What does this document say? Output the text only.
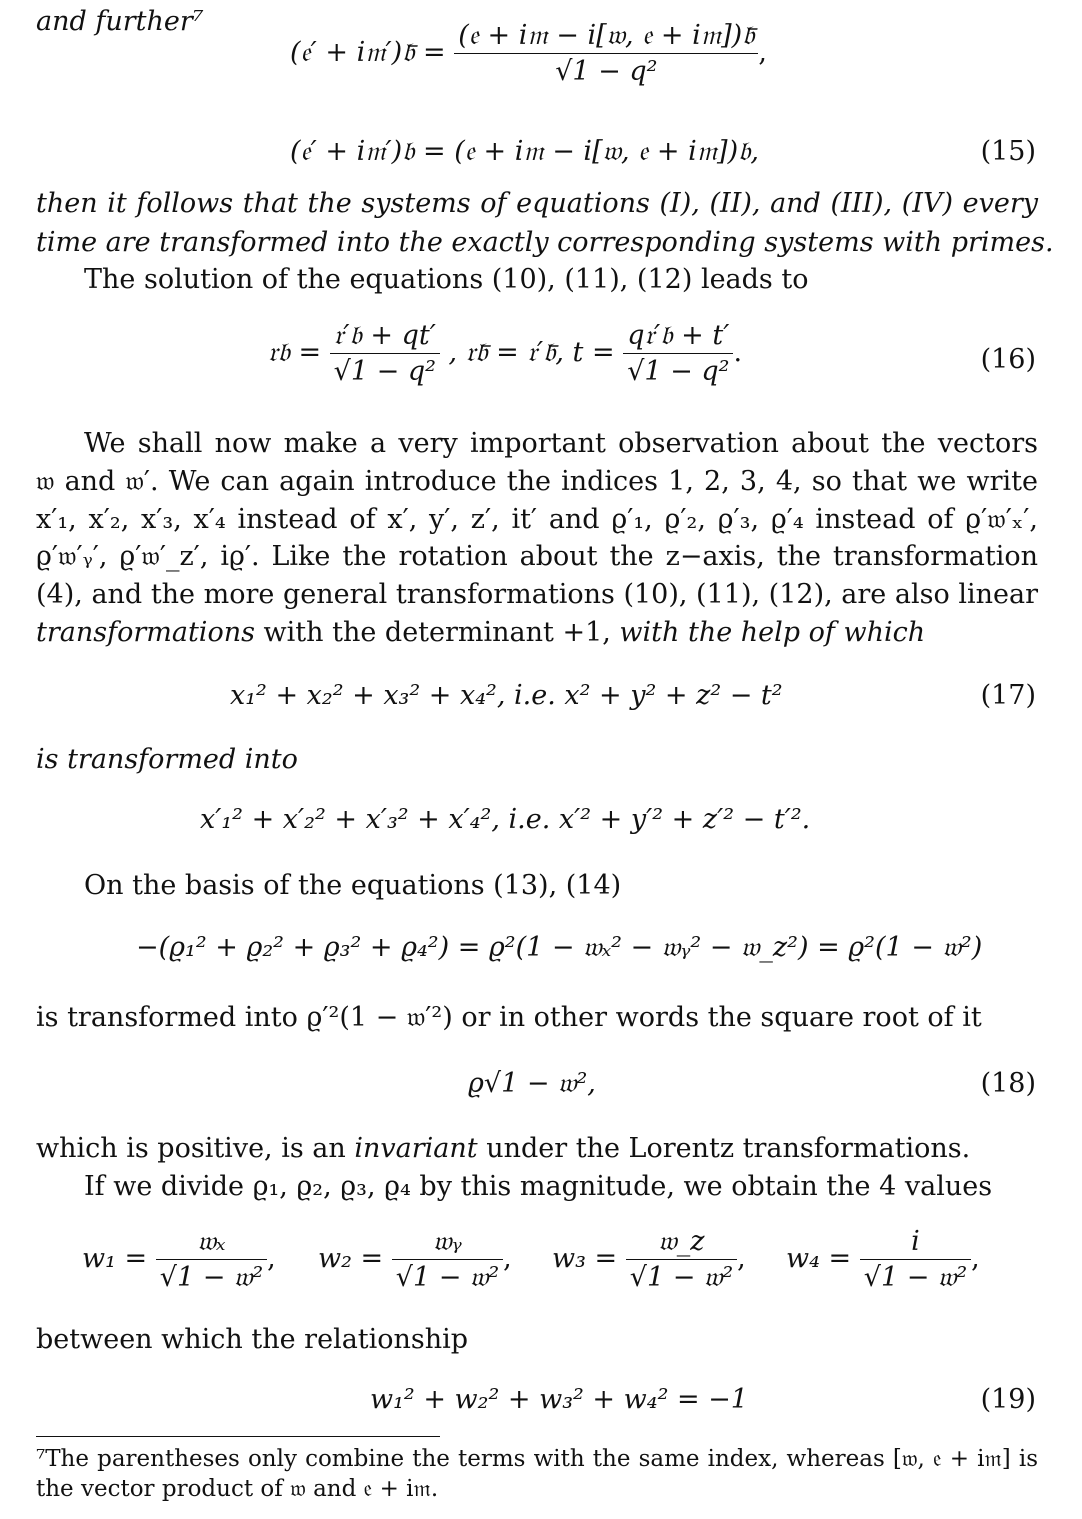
and further⁷
(𝔢′ + i𝔪′)𝔟̄ = $\frac{\text{(𝔢 + i𝔪 − i[𝔴, 𝔢 + i𝔪])𝔟̄}}{\text{√1 − q²}}$ ,
(𝔢′ + i𝔪′)𝔟 = (𝔢 + i𝔪 − i[𝔴, 𝔢 + i𝔪])𝔟,	(15)
then it follows that the systems of equations (I), (II), and (III), (IV) every
time are transformed into the exactly corresponding systems with primes.
The solution of the equations (10), (11), (12) leads to
𝔯𝔟 = $\frac{\text{𝔯′𝔟 + qt′}}{\text{√1 − q²}}$ , 𝔯𝔟̄ = 𝔯′𝔟̄, $t = \frac{\text{q𝔯′𝔟 + t′}}{\text{√1 − q²}}$ .	(16)
We shall now make a very important observation about the vectors
𝔴 and 𝔴′. We can again introduce the indices 1, 2, 3, 4, so that we write
x′₁, x′₂, x′₃, x′₄ instead of x′, y′, z′, it′ and ϱ′₁, ϱ′₂, ϱ′₃, ϱ′₄ instead of ϱ′𝔴′ₓ′,
ϱ′𝔴′ᵧ′, ϱ′𝔴′_z′, iϱ′. Like the rotation about the z−axis, the transformation
(4), and the more general transformations (10), (11), (12), are also linear
transformations with the determinant +1, with the help of which
x₁² + x₂² + x₃² + x₄², i.e. x² + y² + z² − t²	(17)
is transformed into
x′₁² + x′₂² + x′₃² + x′₄², i.e. x′² + y′² + z′² − t′².
On the basis of the equations (13), (14)
−(ϱ₁² + ϱ₂² + ϱ₃² + ϱ₄²) = ϱ²(1 − 𝔴ₓ² − 𝔴ᵧ² − 𝔴_z²) = ϱ²(1 − 𝔴²)
is transformed into ϱ′²(1 − 𝔴′²) or in other words the square root of it
ϱ√1 − 𝔴²,	(18)
which is positive, is an invariant under the Lorentz transformations.
If we divide ϱ₁, ϱ₂, ϱ₃, ϱ₄ by this magnitude, we obtain the 4 values
$w_1 = \frac{\text{𝔴ₓ}}{\text{√1 − 𝔴²}}$ , $w_2 = \frac{\text{𝔴ᵧ}}{\text{√1 − 𝔴²}}$ , $w_3 = \frac{\text{𝔴\_z}}{\text{√1 − 𝔴²}}$ , $w_4 = \frac{i}{\text{√1 − 𝔴²}}$ ,
between which the relationship
w₁² + w₂² + w₃² + w₄² = −1	(19)
⁷The parentheses only combine the terms with the same index, whereas [𝔴, 𝔢 + i𝔪] is
the vector product of 𝔴 and 𝔢 + i𝔪.
